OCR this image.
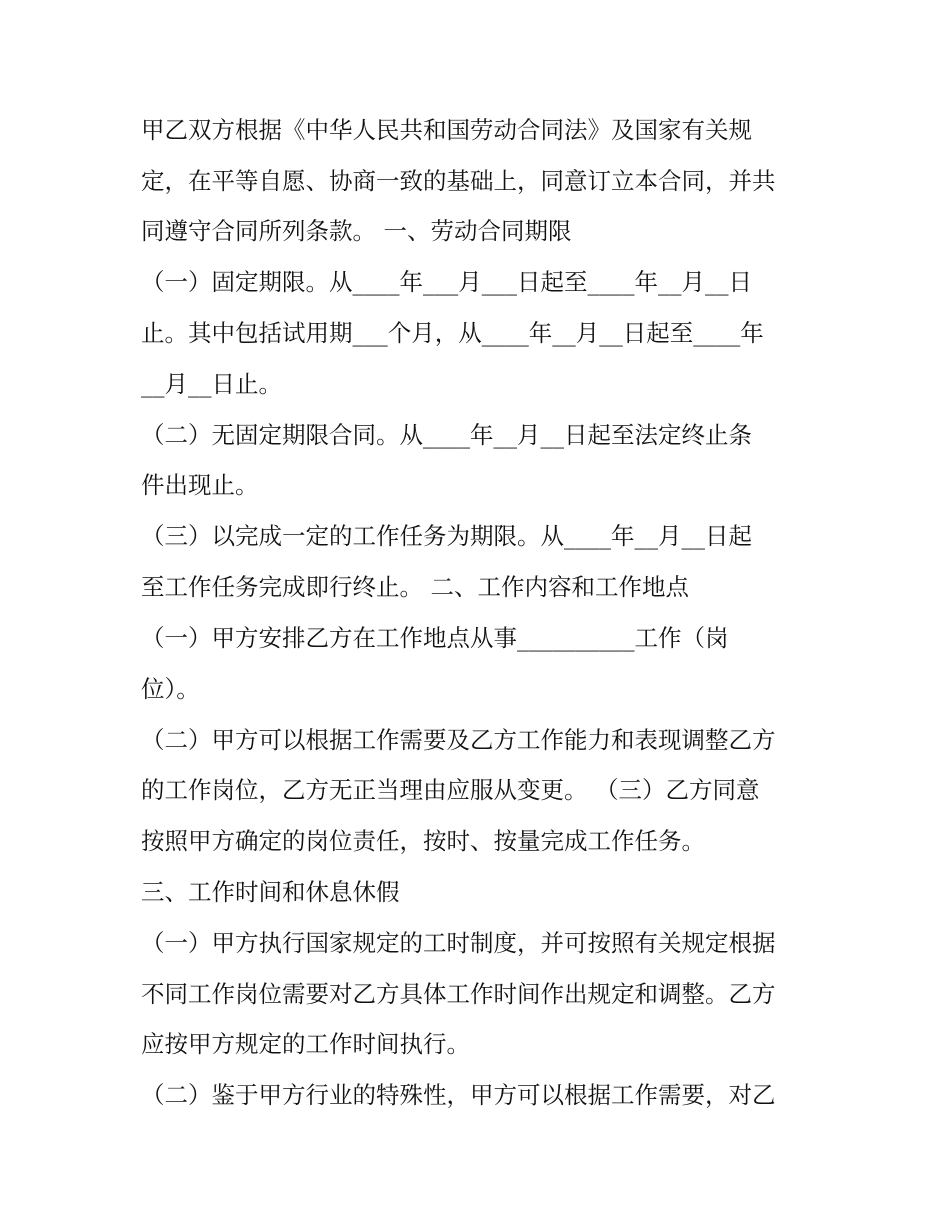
甲乙双方根据《中华人民共和国劳动合同法》及国家有关规

定，在平等自愿、协商一致的基础上，同意订立本合同，并共

同遵守合同所列条款。 一、劳动合同期限

（一）固定期限。从____年___月___日起至____年__月__日

止。其中包括试用期___个月，从____年__月__日起至____年

__月__日止。

（二）无固定期限合同。从____年__月__日起至法定终止条

件出现止。

（三）以完成一定的工作任务为期限。从____年__月__日起

至工作任务完成即行终止。 二、工作内容和工作地点

（一）甲方安排乙方在工作地点从事__________工作（岗

位）。

（二）甲方可以根据工作需要及乙方工作能力和表现调整乙方

的工作岗位，乙方无正当理由应服从变更。 （三）乙方同意

按照甲方确定的岗位责任，按时、按量完成工作任务。

三、工作时间和休息休假

（一）甲方执行国家规定的工时制度，并可按照有关规定根据

不同工作岗位需要对乙方具体工作时间作出规定和调整。乙方

应按甲方规定的工作时间执行。

（二）鉴于甲方行业的特殊性，甲方可以根据工作需要，对乙
